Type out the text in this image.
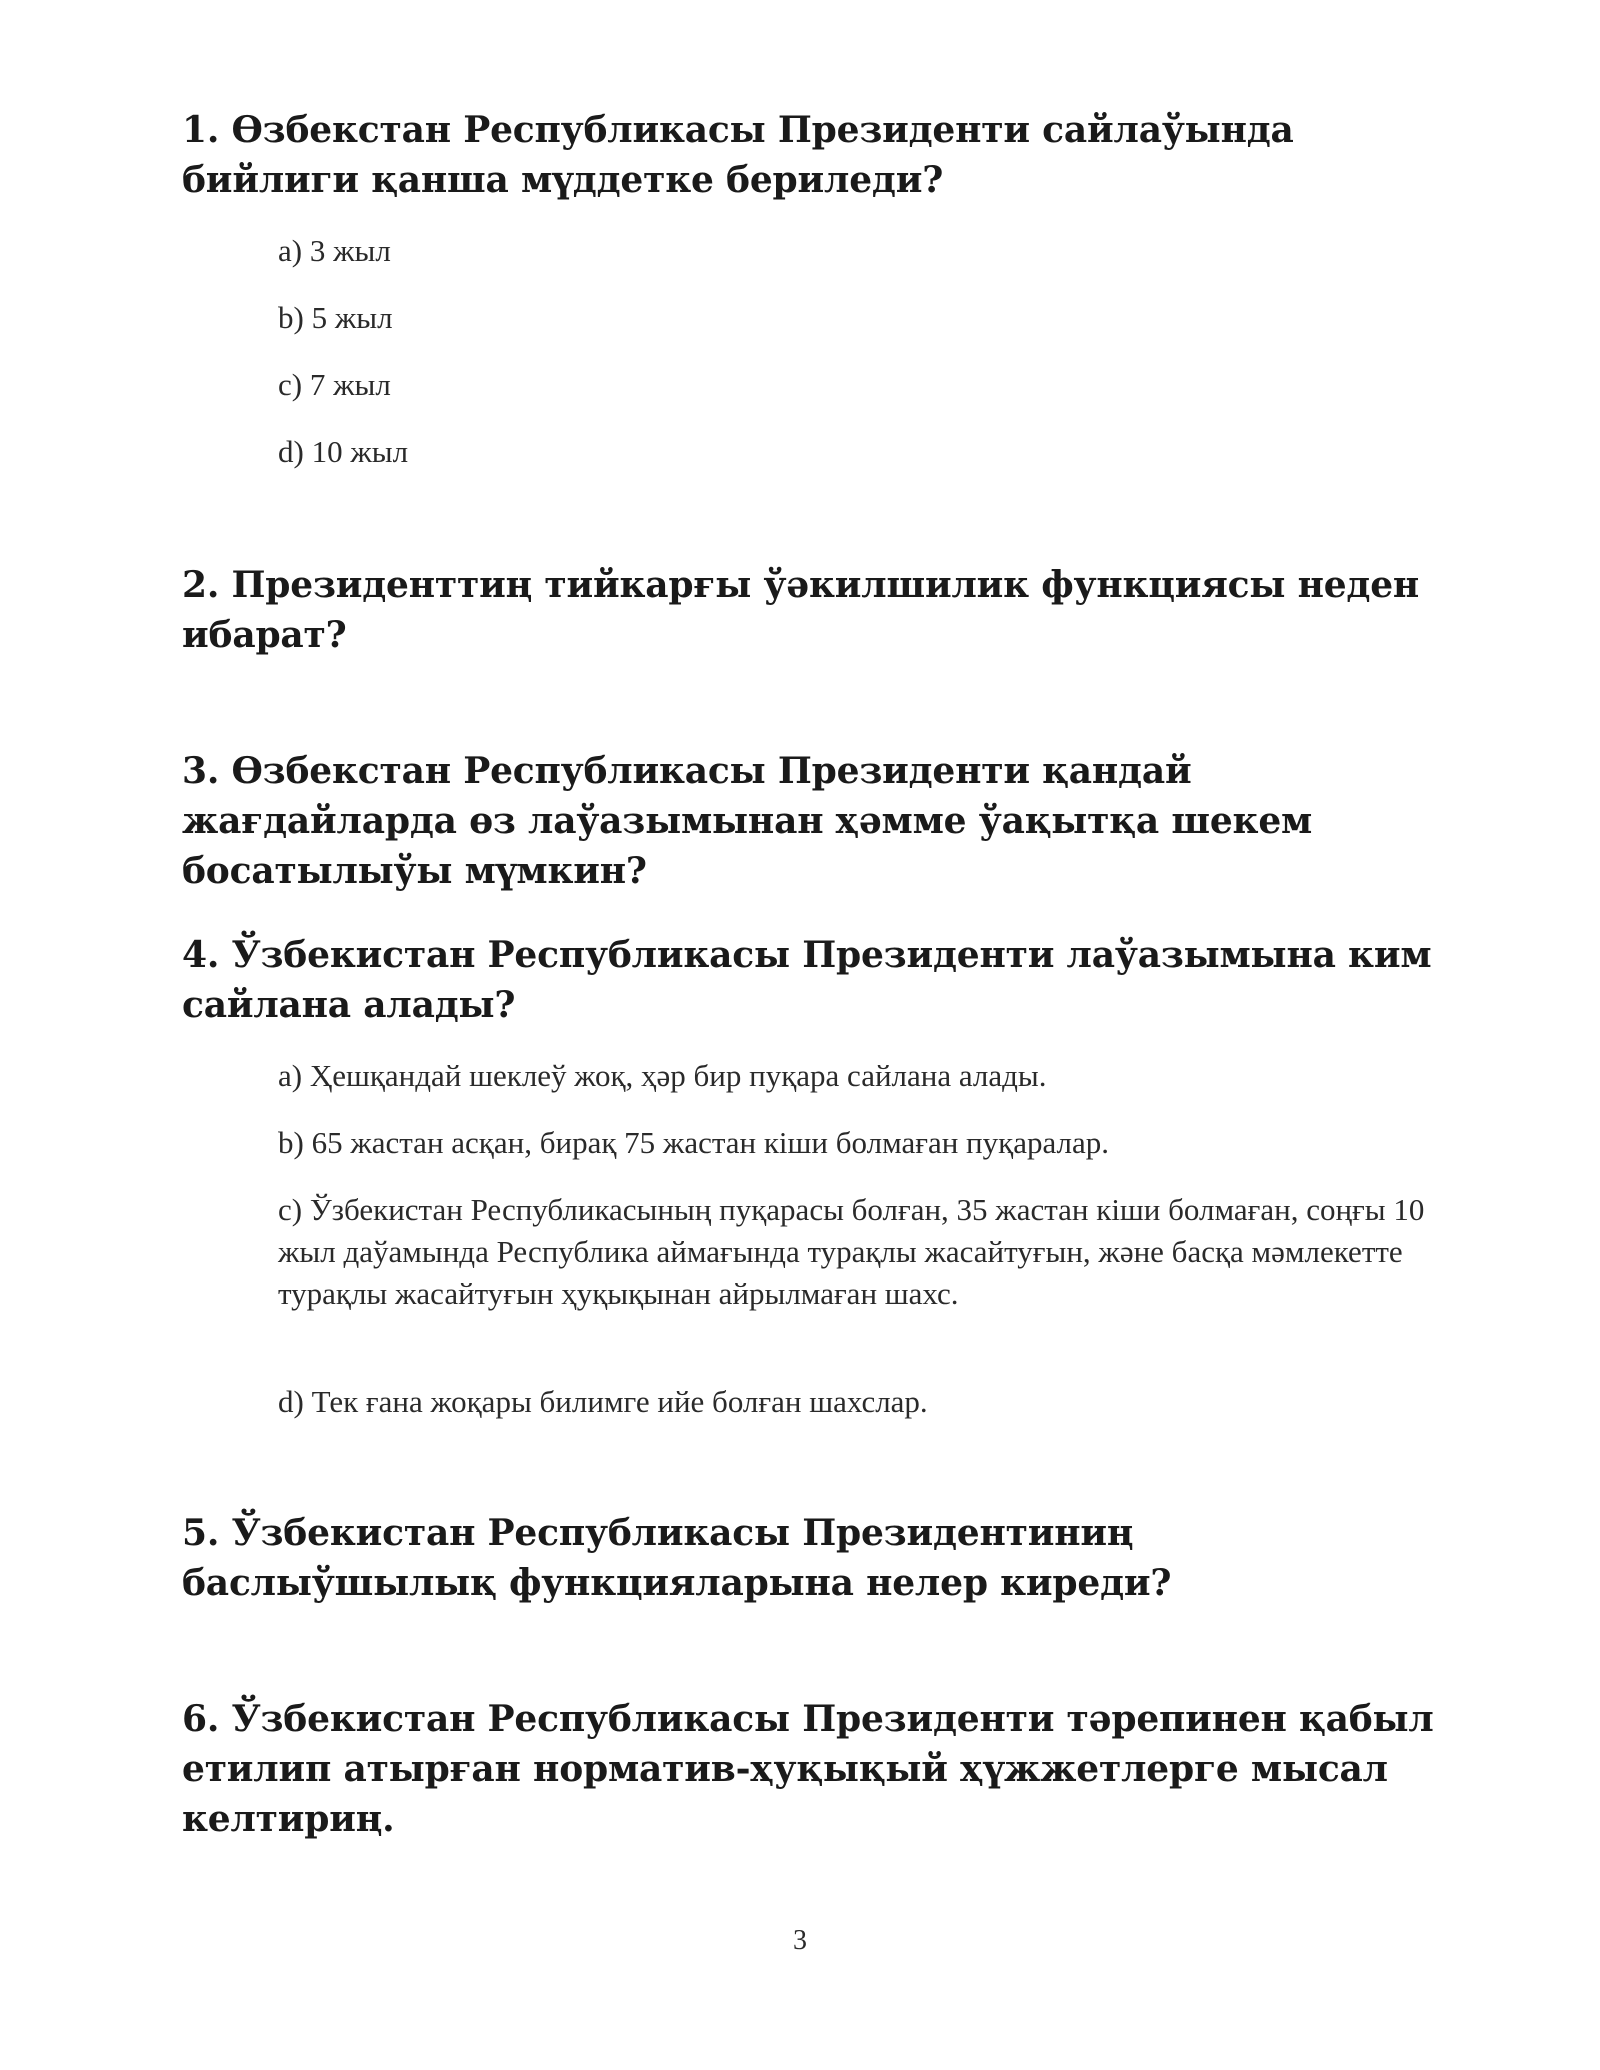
1. Өзбекстан Республикасы Президенти сайлаўында бийлиги қанша мүддетке бериледи?

a) 3 жыл
b) 5 жыл
c) 7 жыл
d) 10 жыл

2. Президенттиң тийкарғы ўәкилшилик функциясы неден ибарат?

3. Өзбекстан Республикасы Президенти қандай жағдайларда өз лаўазымынан ҳәмме ўақытқа шекем босатылыўы мүмкин?

4. Ўзбекистан Республикасы Президенти лаўазымына ким сайлана алады?

a) Ҳешқандай шеклеў жоқ, ҳәр бир пуқара сайлана алады.
b) 65 жастан асқан, бирақ 75 жастан кіши болмаған пуқаралар.
c) Ўзбекистан Республикасының пуқарасы болған, 35 жастан кіши болмаған, соңғы 10 жыл даўамында Республика аймағында турақлы жасайтуғын, және басқа мәмлекетте турақлы жасайтуғын ҳуқықынан айрылмаған шахс.
d) Тек ғана жоқары билимге ийе болған шахслар.

5. Ўзбекистан Республикасы Президентиниң баслыўшылық функцияларына нелер киреди?

6. Ўзбекистан Республикасы Президенти тәрепинен қабыл етилип атырған норматив-ҳуқықый ҳүжжетлерге мысал келтириң.

3
